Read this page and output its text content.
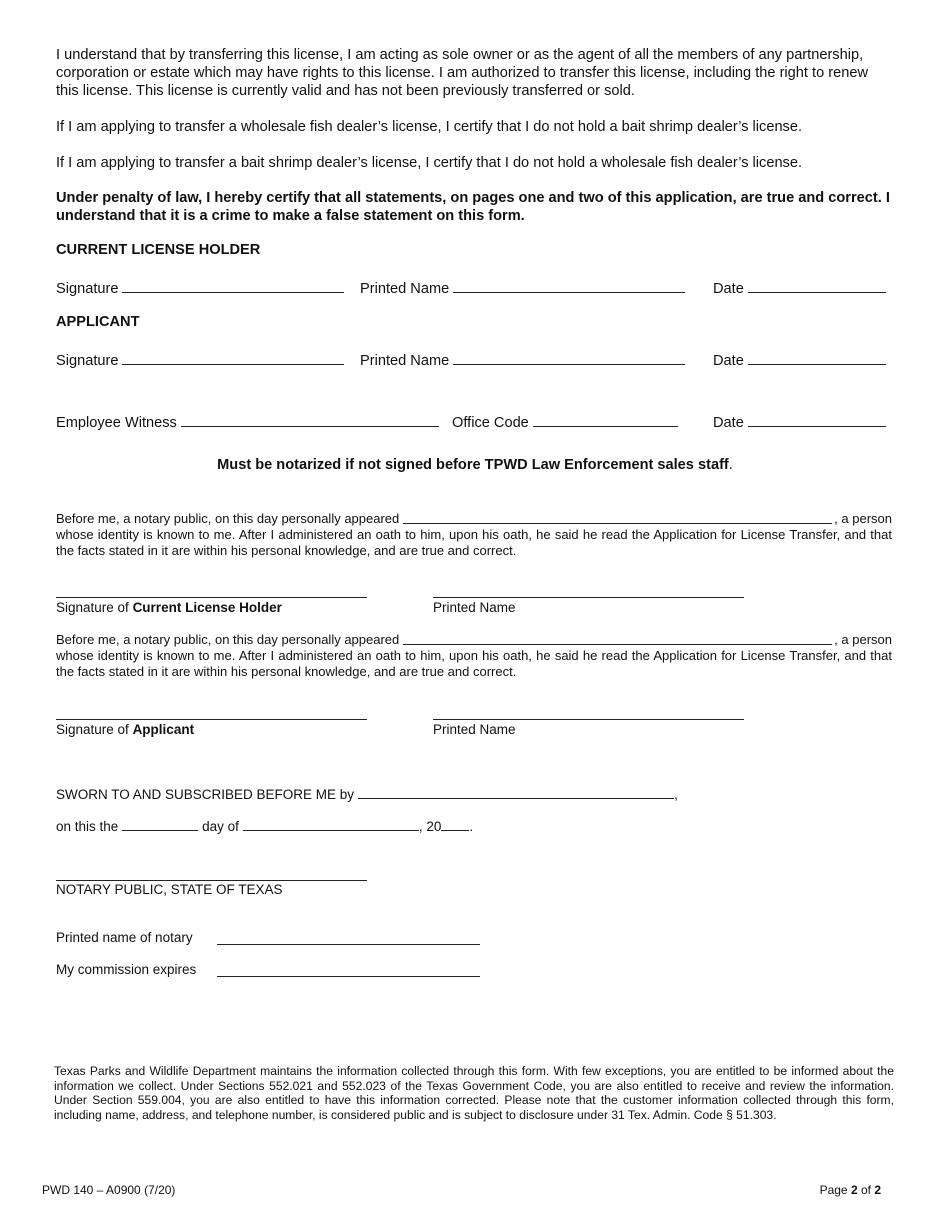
I understand that by transferring this license, I am acting as sole owner or as the agent of all the members of any partnership, corporation or estate which may have rights to this license. I am authorized to transfer this license, including the right to renew this license. This license is currently valid and has not been previously transferred or sold.

If I am applying to transfer a wholesale fish dealer’s license, I certify that I do not hold a bait shrimp dealer’s license.

If I am applying to transfer a bait shrimp dealer’s license, I certify that I do not hold a wholesale fish dealer’s license.

Under penalty of law, I hereby certify that all statements, on pages one and two of this application, are true and correct. I understand that it is a crime to make a false statement on this form.

CURRENT LICENSE HOLDER
Signature	Printed Name	Date
APPLICANT
Signature	Printed Name	Date
Employee Witness	Office Code	Date
Must be notarized if not signed before TPWD Law Enforcement sales staff.
Before me, a notary public, on this day personally appeared	, a person
whose identity is known to me. After I administered an oath to him, upon his oath, he said he read the Application for License Transfer, and that the facts stated in it are within his personal knowledge, and are true and correct.
Signature of Current License Holder	Printed Name
Before me, a notary public, on this day personally appeared	, a person
whose identity is known to me. After I administered an oath to him, upon his oath, he said he read the Application for License Transfer, and that the facts stated in it are within his personal knowledge, and are true and correct.
Signature of Applicant	Printed Name
SWORN TO AND SUBSCRIBED BEFORE ME by	,
on this the	day of	, 20 .
NOTARY PUBLIC, STATE OF TEXAS
Printed name of notary
My commission expires
Texas Parks and Wildlife Department maintains the information collected through this form. With few exceptions, you are entitled to be informed about the information we collect. Under Sections 552.021 and 552.023 of the Texas Government Code, you are also entitled to receive and review the information. Under Section 559.004, you are also entitled to have this information corrected. Please note that the customer information collected through this form, including name, address, and telephone number, is considered public and is subject to disclosure under 31 Tex. Admin. Code § 51.303.
PWD 140 – A0900 (7/20)	Page 2 of 2
